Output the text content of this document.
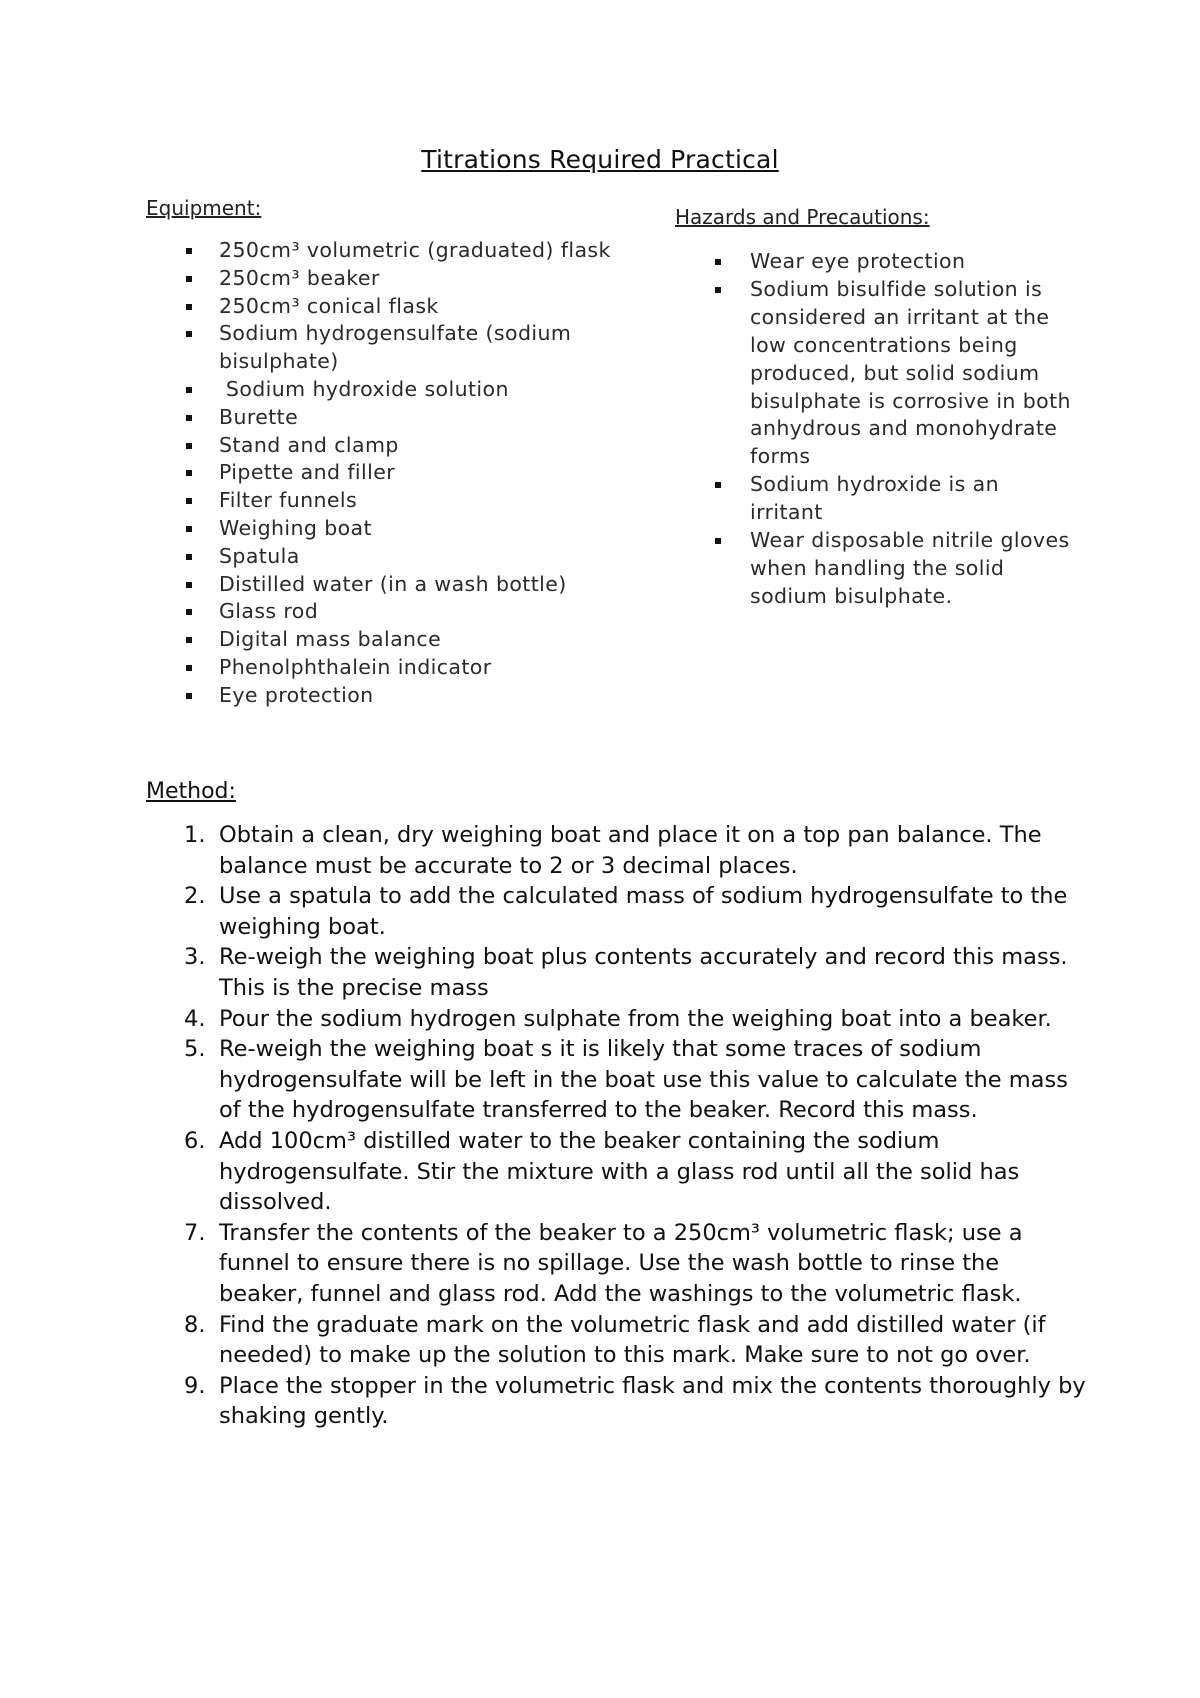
Titrations Required Practical
Equipment:
250cm³ volumetric (graduated) flask
250cm³ beaker
250cm³ conical flask
Sodium hydrogensulfate (sodium bisulphate)
Sodium hydroxide solution
Burette
Stand and clamp
Pipette and filler
Filter funnels
Weighing boat
Spatula
Distilled water (in a wash bottle)
Glass rod
Digital mass balance
Phenolphthalein indicator
Eye protection
Hazards and Precautions:
Wear eye protection
Sodium bisulfide solution is considered an irritant at the low concentrations being produced, but solid sodium bisulphate is corrosive in both anhydrous and monohydrate forms
Sodium hydroxide is an irritant
Wear disposable nitrile gloves when handling the solid sodium bisulphate.
Method:
1. Obtain a clean, dry weighing boat and place it on a top pan balance. The balance must be accurate to 2 or 3 decimal places.
2. Use a spatula to add the calculated mass of sodium hydrogensulfate to the weighing boat.
3. Re-weigh the weighing boat plus contents accurately and record this mass. This is the precise mass
4. Pour the sodium hydrogen sulphate from the weighing boat into a beaker.
5. Re-weigh the weighing boat s it is likely that some traces of sodium hydrogensulfate will be left in the boat use this value to calculate the mass of the hydrogensulfate transferred to the beaker. Record this mass.
6. Add 100cm³ distilled water to the beaker containing the sodium hydrogensulfate. Stir the mixture with a glass rod until all the solid has dissolved.
7. Transfer the contents of the beaker to a 250cm³ volumetric flask; use a funnel to ensure there is no spillage. Use the wash bottle to rinse the beaker, funnel and glass rod. Add the washings to the volumetric flask.
8. Find the graduate mark on the volumetric flask and add distilled water (if needed) to make up the solution to this mark. Make sure to not go over.
9. Place the stopper in the volumetric flask and mix the contents thoroughly by shaking gently.
